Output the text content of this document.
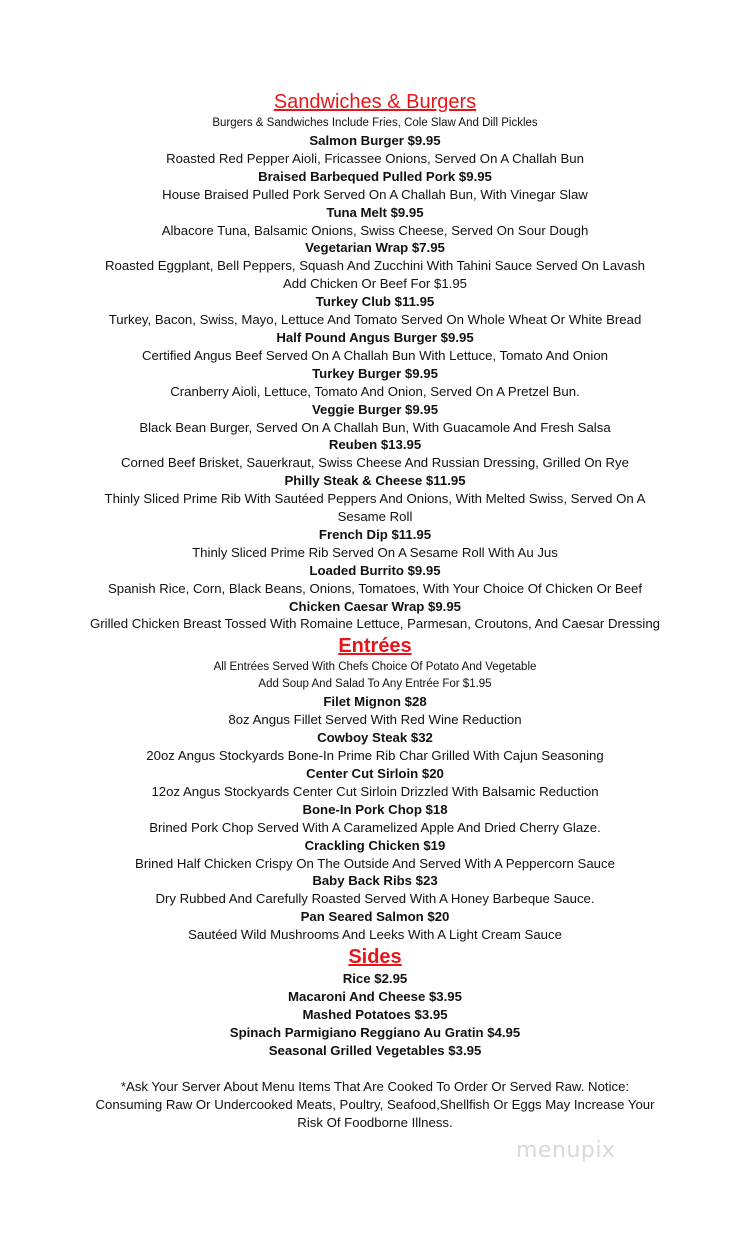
Sandwiches & Burgers
Burgers & Sandwiches Include Fries, Cole Slaw And Dill Pickles
Salmon Burger $9.95
Roasted Red Pepper Aioli, Fricassee Onions, Served On A Challah Bun
Braised Barbequed Pulled Pork $9.95
House Braised Pulled Pork Served On A Challah Bun, With Vinegar Slaw
Tuna Melt $9.95
Albacore Tuna, Balsamic Onions, Swiss Cheese, Served On Sour Dough
Vegetarian Wrap $7.95
Roasted Eggplant, Bell Peppers, Squash And Zucchini With Tahini Sauce Served On Lavash
Add Chicken Or Beef For $1.95
Turkey Club $11.95
Turkey, Bacon, Swiss, Mayo, Lettuce And Tomato Served On Whole Wheat Or White Bread
Half Pound Angus Burger $9.95
Certified Angus Beef Served On A Challah Bun With Lettuce, Tomato And Onion
Turkey Burger $9.95
Cranberry Aioli, Lettuce, Tomato And Onion, Served On A Pretzel Bun.
Veggie Burger $9.95
Black Bean Burger, Served On A Challah Bun, With Guacamole And Fresh Salsa
Reuben $13.95
Corned Beef Brisket, Sauerkraut, Swiss Cheese And Russian Dressing, Grilled On Rye
Philly Steak & Cheese $11.95
Thinly Sliced Prime Rib With Sautéed Peppers And Onions, With Melted Swiss, Served On A Sesame Roll
French Dip $11.95
Thinly Sliced Prime Rib Served On A Sesame Roll With Au Jus
Loaded Burrito $9.95
Spanish Rice, Corn, Black Beans, Onions, Tomatoes, With Your Choice Of Chicken Or Beef
Chicken Caesar Wrap $9.95
Grilled Chicken Breast Tossed With Romaine Lettuce, Parmesan, Croutons, And Caesar Dressing
Entrées
All Entrées Served With Chefs Choice Of Potato And Vegetable
Add Soup And Salad To Any Entrée For $1.95
Filet Mignon $28
8oz Angus Fillet Served With Red Wine Reduction
Cowboy Steak $32
20oz Angus Stockyards Bone-In Prime Rib Char Grilled With Cajun Seasoning
Center Cut Sirloin $20
12oz Angus Stockyards Center Cut Sirloin Drizzled With Balsamic Reduction
Bone-In Pork Chop $18
Brined Pork Chop Served With A Caramelized Apple And Dried Cherry Glaze.
Crackling Chicken $19
Brined Half Chicken Crispy On The Outside And Served With A Peppercorn Sauce
Baby Back Ribs $23
Dry Rubbed And Carefully Roasted Served With A Honey Barbeque Sauce.
Pan Seared Salmon $20
Sautéed Wild Mushrooms And Leeks With A Light Cream Sauce
Sides
Rice $2.95
Macaroni And Cheese $3.95
Mashed Potatoes $3.95
Spinach Parmigiano Reggiano Au Gratin $4.95
Seasonal Grilled Vegetables $3.95
*Ask Your Server About Menu Items That Are Cooked To Order Or Served Raw. Notice: Consuming Raw Or Undercooked Meats, Poultry, Seafood,Shellfish Or Eggs May Increase Your Risk Of Foodborne Illness.
menupix
